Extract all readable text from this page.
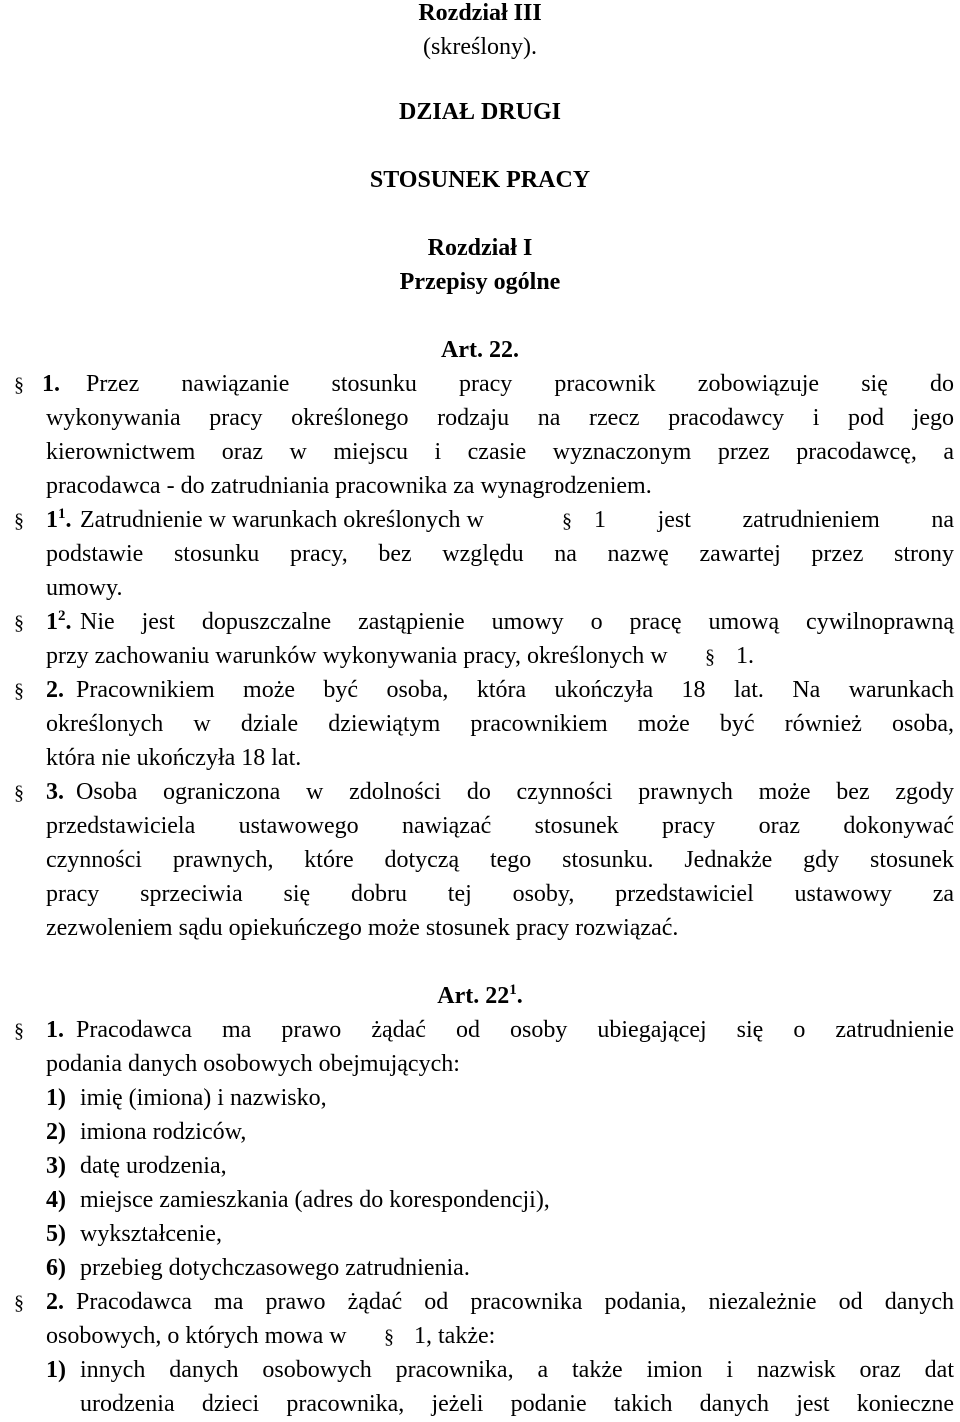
Rozdział III
(skreślony).
DZIAŁ DRUGI
STOSUNEK PRACY
Rozdział I
Przepisy ogólne
Art. 22.
§ 1. Przez nawiązanie stosunku pracy pracownik zobowiązuje się do
wykonywania pracy określonego rodzaju na rzecz pracodawcy i pod jego
kierownictwem oraz w miejscu i czasie wyznaczonym przez pracodawcę, a
pracodawca - do zatrudniania pracownika za wynagrodzeniem.
§ $1^1$. Zatrudnienie w warunkach określonych w	§ 1 jest zatrudnieniem na
podstawie stosunku pracy, bez względu na nazwę zawartej przez strony
umowy.
§ $1^2$. Nie jest dopuszczalne zastąpienie umowy o pracę umową cywilnoprawną
przy zachowaniu warunków wykonywania pracy, określonych w § 1.
§ 2. Pracownikiem może być osoba, która ukończyła 18 lat. Na warunkach
określonych w dziale dziewiątym pracownikiem może być również osoba,
która nie ukończyła 18 lat.
§ 3. Osoba ograniczona w zdolności do czynności prawnych może bez zgody
przedstawiciela ustawowego nawiązać stosunek pracy oraz dokonywać
czynności prawnych, które dotyczą tego stosunku. Jednakże gdy stosunek
pracy sprzeciwia się dobru tej osoby, przedstawiciel ustawowy za
zezwoleniem sądu opiekuńczego może stosunek pracy rozwiązać.
Art. $22^1$.
§ 1. Pracodawca ma prawo żądać od osoby ubiegającej się o zatrudnienie
podania danych osobowych obejmujących:
1) imię (imiona) i nazwisko,
2) imiona rodziców,
3) datę urodzenia,
4) miejsce zamieszkania (adres do korespondencji),
5) wykształcenie,
6) przebieg dotychczasowego zatrudnienia.
§ 2. Pracodawca ma prawo żądać od pracownika podania, niezależnie od danych
osobowych, o których mowa w § 1, także:
1) innych danych osobowych pracownika, a także imion i nazwisk oraz dat
urodzenia dzieci pracownika, jeżeli podanie takich danych jest konieczne
